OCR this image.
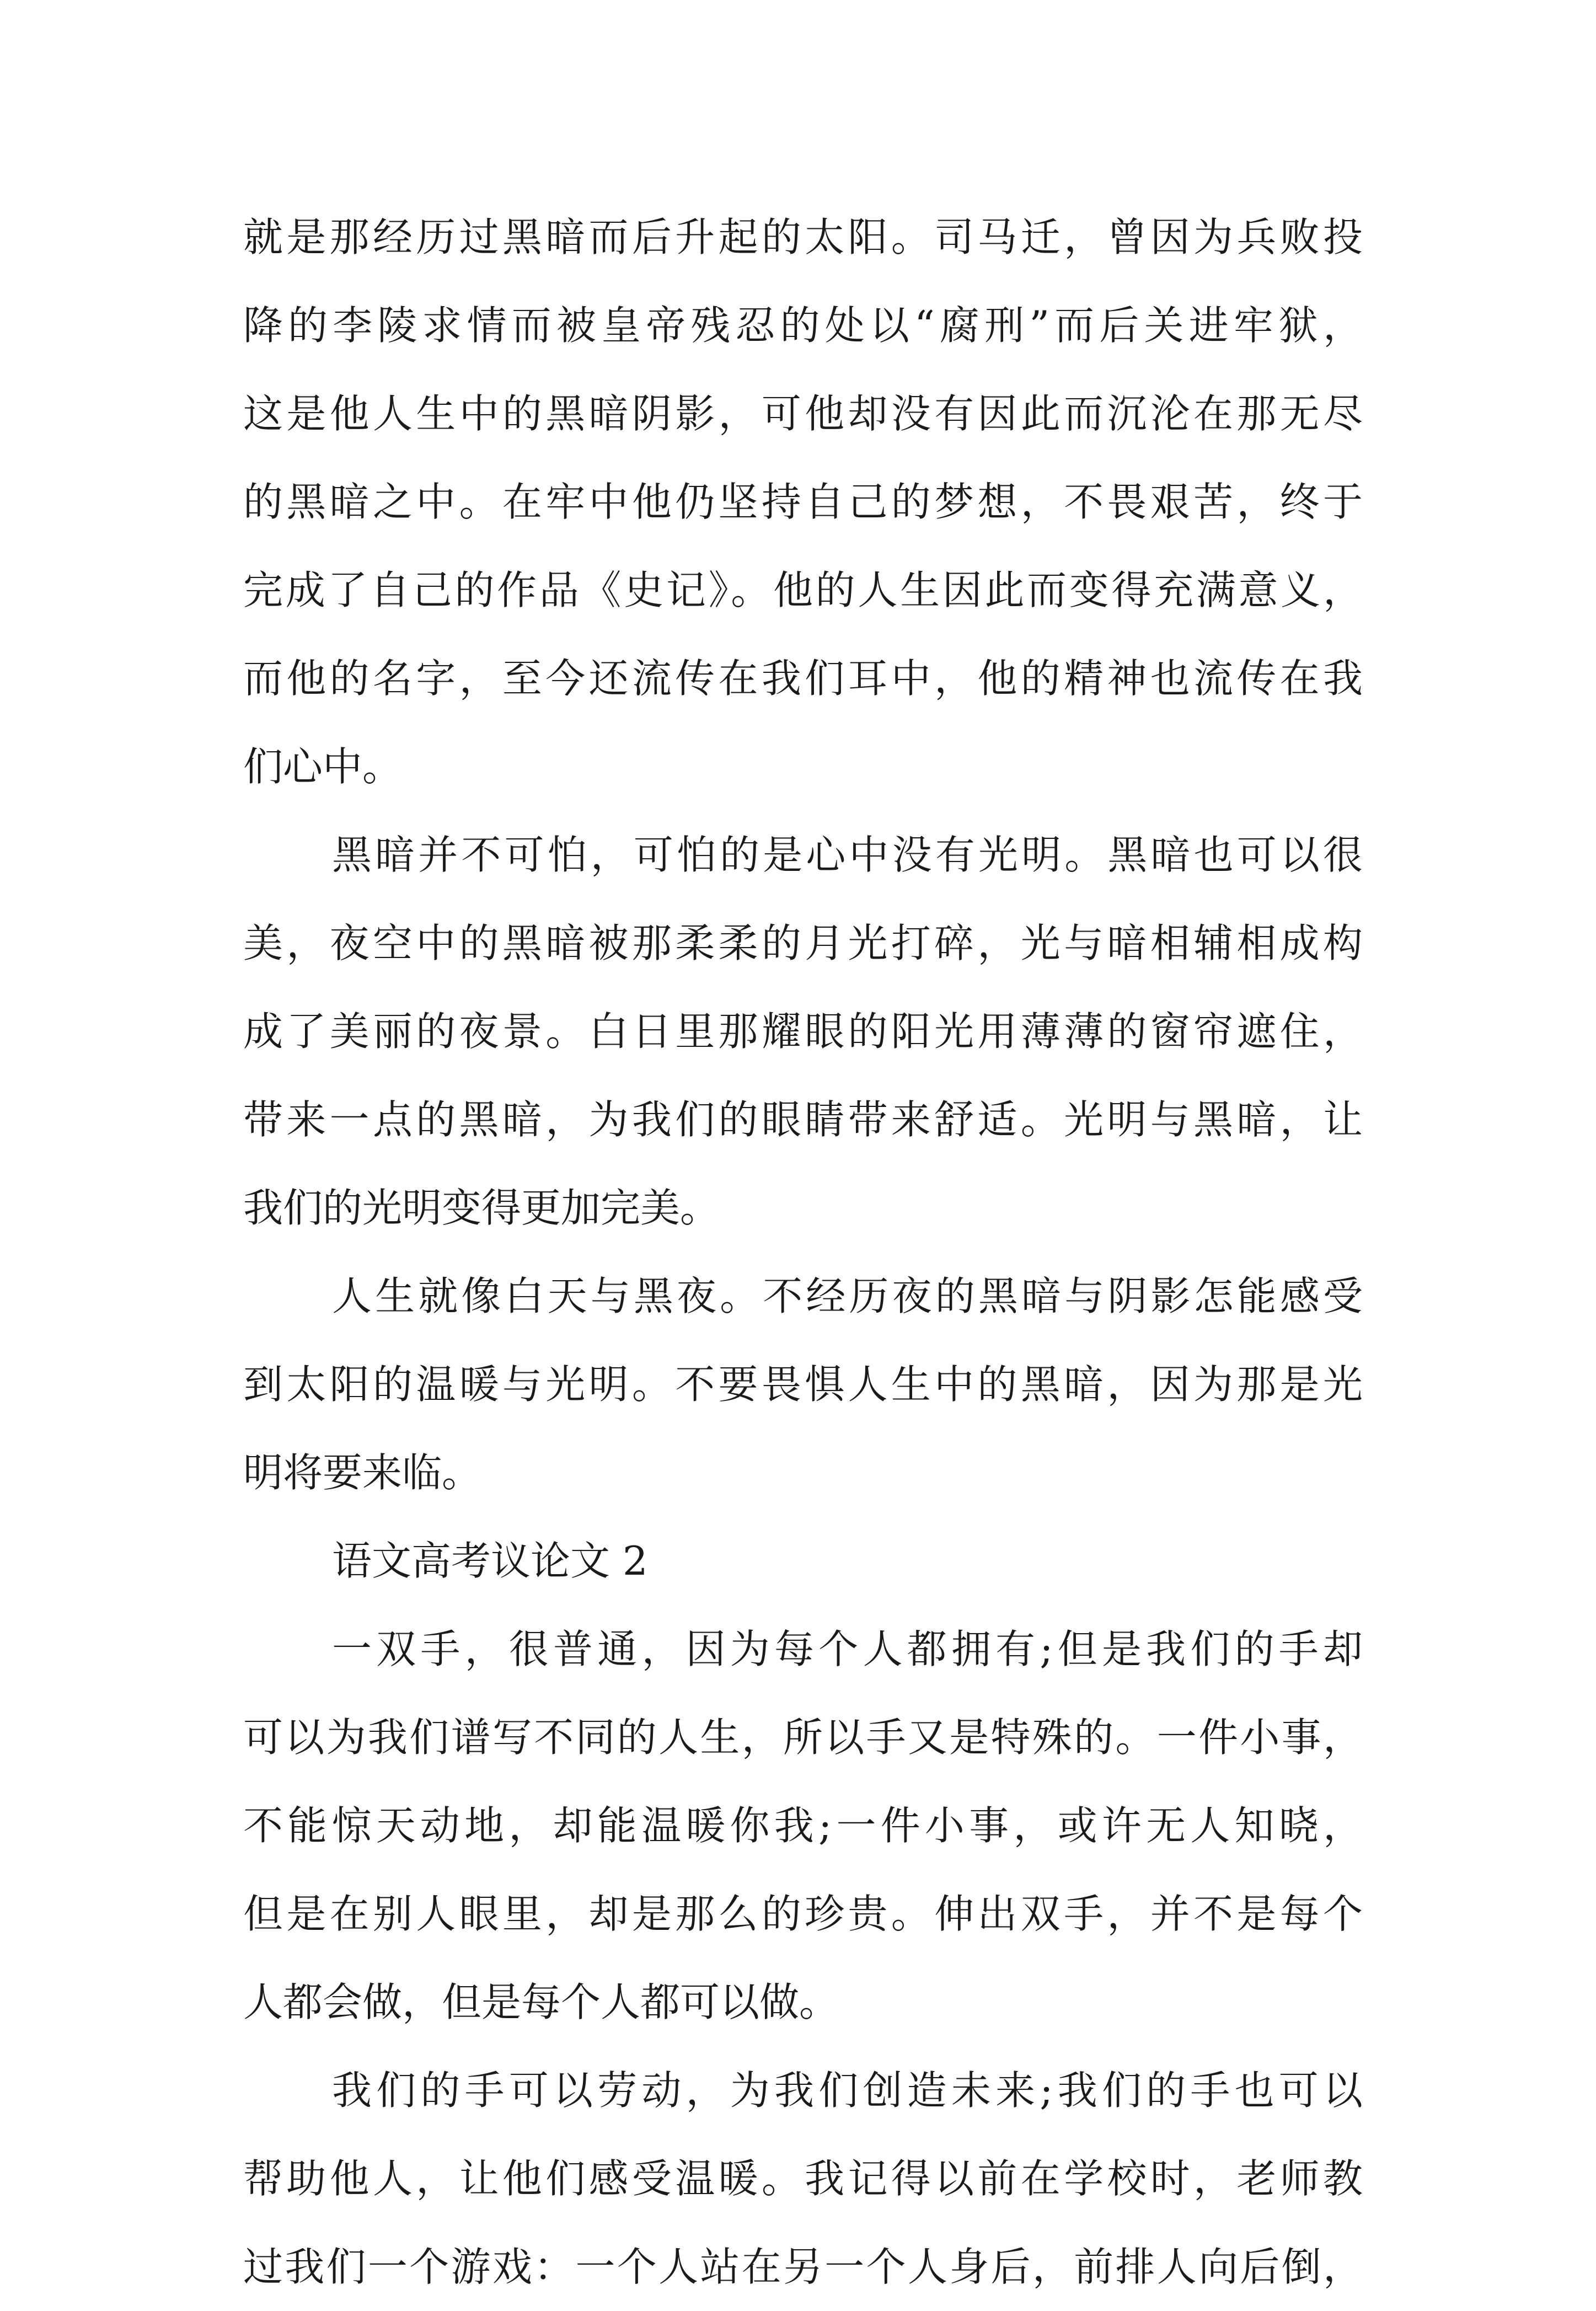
就是那经历过黑暗而后升起的太阳。司马迁，曾因为兵败投
降的李陵求情而被皇帝残忍的处以“腐刑”而后关进牢狱，
这是他人生中的黑暗阴影，可他却没有因此而沉沦在那无尽
的黑暗之中。在牢中他仍坚持自己的梦想，不畏艰苦，终于
完成了自己的作品《史记》。他的人生因此而变得充满意义，
而他的名字，至今还流传在我们耳中，他的精神也流传在我
们心中。
黑暗并不可怕，可怕的是心中没有光明。黑暗也可以很
美，夜空中的黑暗被那柔柔的月光打碎，光与暗相辅相成构
成了美丽的夜景。白日里那耀眼的阳光用薄薄的窗帘遮住，
带来一点的黑暗，为我们的眼睛带来舒适。光明与黑暗，让
我们的光明变得更加完美。
人生就像白天与黑夜。不经历夜的黑暗与阴影怎能感受
到太阳的温暖与光明。不要畏惧人生中的黑暗，因为那是光
明将要来临。
语文高考议论文 2
一双手，很普通，因为每个人都拥有;但是我们的手却
可以为我们谱写不同的人生，所以手又是特殊的。一件小事，
不能惊天动地，却能温暖你我;一件小事，或许无人知晓，
但是在别人眼里，却是那么的珍贵。伸出双手，并不是每个
人都会做，但是每个人都可以做。
我们的手可以劳动，为我们创造未来;我们的手也可以
帮助他人，让他们感受温暖。我记得以前在学校时，老师教
过我们一个游戏：一个人站在另一个人身后，前排人向后倒，
